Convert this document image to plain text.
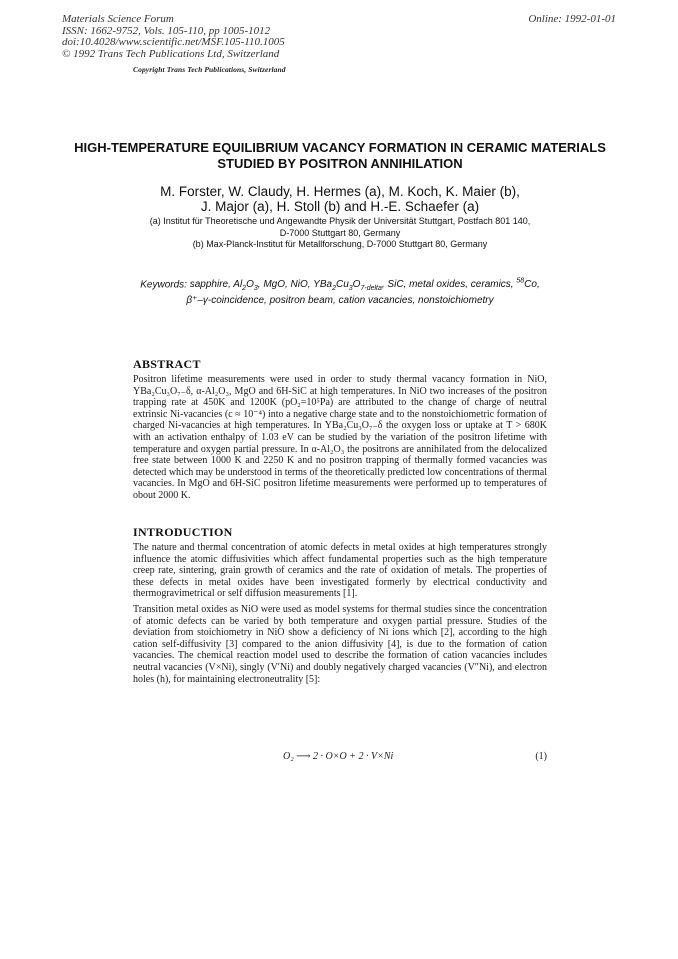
Materials Science Forum
ISSN: 1662-9752, Vols. 105-110, pp 1005-1012
doi:10.4028/www.scientific.net/MSF.105-110.1005
© 1992 Trans Tech Publications Ltd, Switzerland
Online: 1992-01-01
Copyright Trans Tech Publications, Switzerland
HIGH-TEMPERATURE EQUILIBRIUM VACANCY FORMATION IN CERAMIC MATERIALS STUDIED BY POSITRON ANNIHILATION
M. Forster, W. Claudy, H. Hermes (a), M. Koch, K. Maier (b),
J. Major (a), H. Stoll (b) and H.-E. Schaefer (a)
(a) Institut für Theoretische und Angewandte Physik der Universität Stuttgart, Postfach 801 140,
D-7000 Stuttgart 80, Germany
(b) Max-Planck-Institut für Metallforschung, D-7000 Stuttgart 80, Germany
Keywords: sapphire, $Al_2O_3$, MgO, NiO, $YBa_2Cu_3O_{7-delta}$, SiC, metal oxides, ceramics, $^{58}$Co,
β⁺–γ-coincidence, positron beam, cation vacancies, nonstoichiometry
ABSTRACT

Positron lifetime measurements were used in order to study thermal vacancy formation in NiO, YBa₂Cu₃O₇₋δ, α-Al₂O₃, MgO and 6H-SiC at high temperatures. In NiO two increases of the positron trapping rate at 450K and 1200K (pO₂=10⁵Pa) are attributed to the change of charge of neutral extrinsic Ni-vacancies (c ≈ 10⁻⁴) into a negative charge state and to the nonstoichiometric formation of charged Ni-vacancies at high temperatures. In YBa₂Cu₃O₇₋δ the oxygen loss or uptake at T > 680K with an activation enthalpy of 1.03 eV can be studied by the variation of the positron lifetime with temperature and oxygen partial pressure. In α-Al₂O₃ the positrons are annihilated from the delocalized free state between 1000 K and 2250 K and no positron trapping of thermally formed vacancies was detected which may be understood in terms of the theoretically predicted low concentrations of thermal vacancies. In MgO and 6H-SiC positron lifetime measurements were performed up to temperatures of obout 2000 K.

INTRODUCTION

The nature and thermal concentration of atomic defects in metal oxides at high temperatures strongly influence the atomic diffusivities which affect fundamental properties such as the high temperature creep rate, sintering, grain growth of ceramics and the rate of oxidation of metals. The properties of these defects in metal oxides have been investigated formerly by electrical conductivity and thermogravimetrical or self diffusion measurements [1].

Transition metal oxides as NiO were used as model systems for thermal studies since the concentration of atomic defects can be varied by both temperature and oxygen partial pressure. Studies of the deviation from stoichiometry in NiO show a deficiency of Ni ions which [2], according to the high cation self-diffusivity [3] compared to the anion diffusivity [4], is due to the formation of cation vacancies. The chemical reaction model used to describe the formation of cation vacancies includes neutral vacancies (V×Ni), singly (V′Ni) and doubly negatively charged vacancies (V″Ni), and electron holes (h), for maintaining electroneutrality [5]:

O₂ ⟶ 2 · O×O + 2 · V×Ni	(1)
